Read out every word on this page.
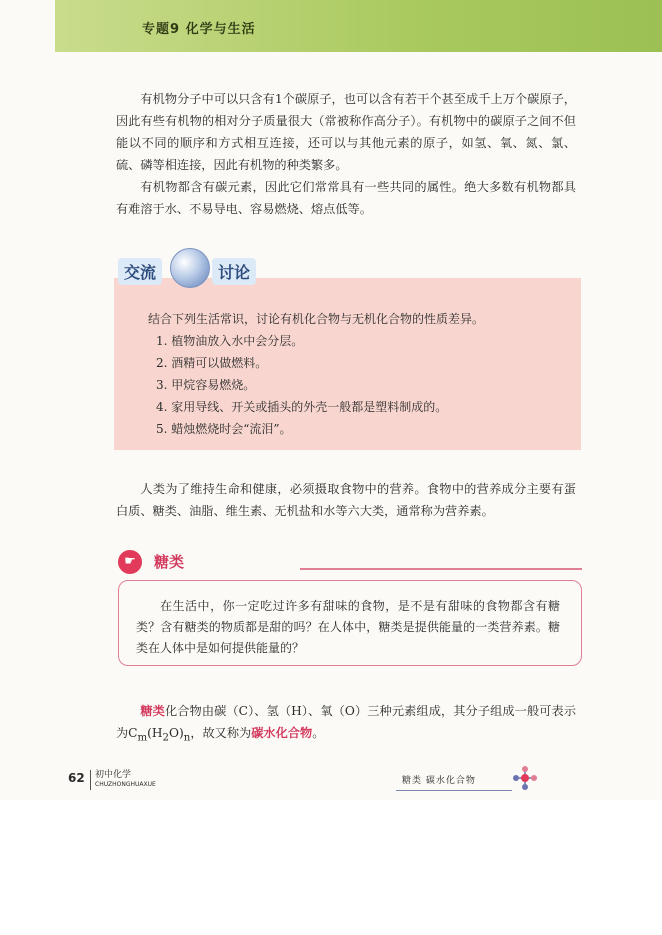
专题9 化学与生活

有机物分子中可以只含有1个碳原子，也可以含有若干个甚至成千上万个碳原子，因此有些有机物的相对分子质量很大（常被称作高分子）。有机物中的碳原子之间不但能以不同的顺序和方式相互连接，还可以与其他元素的原子，如氢、氧、氮、氯、硫、磷等相连接，因此有机物的种类繁多。

有机物都含有碳元素，因此它们常常具有一些共同的属性。绝大多数有机物都具有难溶于水、不易导电、容易燃烧、熔点低等。

交流	讨论

结合下列生活常识，讨论有机化合物与无机化合物的性质差异。

1. 植物油放入水中会分层。
2. 酒精可以做燃料。
3. 甲烷容易燃烧。
4. 家用导线、开关或插头的外壳一般都是塑料制成的。
5. 蜡烛燃烧时会“流泪”。

人类为了维持生命和健康，必须摄取食物中的营养。食物中的营养成分主要有蛋白质、糖类、油脂、维生素、无机盐和水等六大类，通常称为营养素。

☛	糖类

在生活中，你一定吃过许多有甜味的食物，是不是有甜味的食物都含有糖类？含有糖类的物质都是甜的吗？在人体中，糖类是提供能量的一类营养素。糖类在人体中是如何提供能量的？

糖类化合物由碳（C）、氢（H）、氧（O）三种元素组成，其分子组成一般可表示为$C_m(H_2O)_n$，故又称为碳水化合物。

62	初中化学
CHUZHONGHUAXUE	糖类 碳水化合物
